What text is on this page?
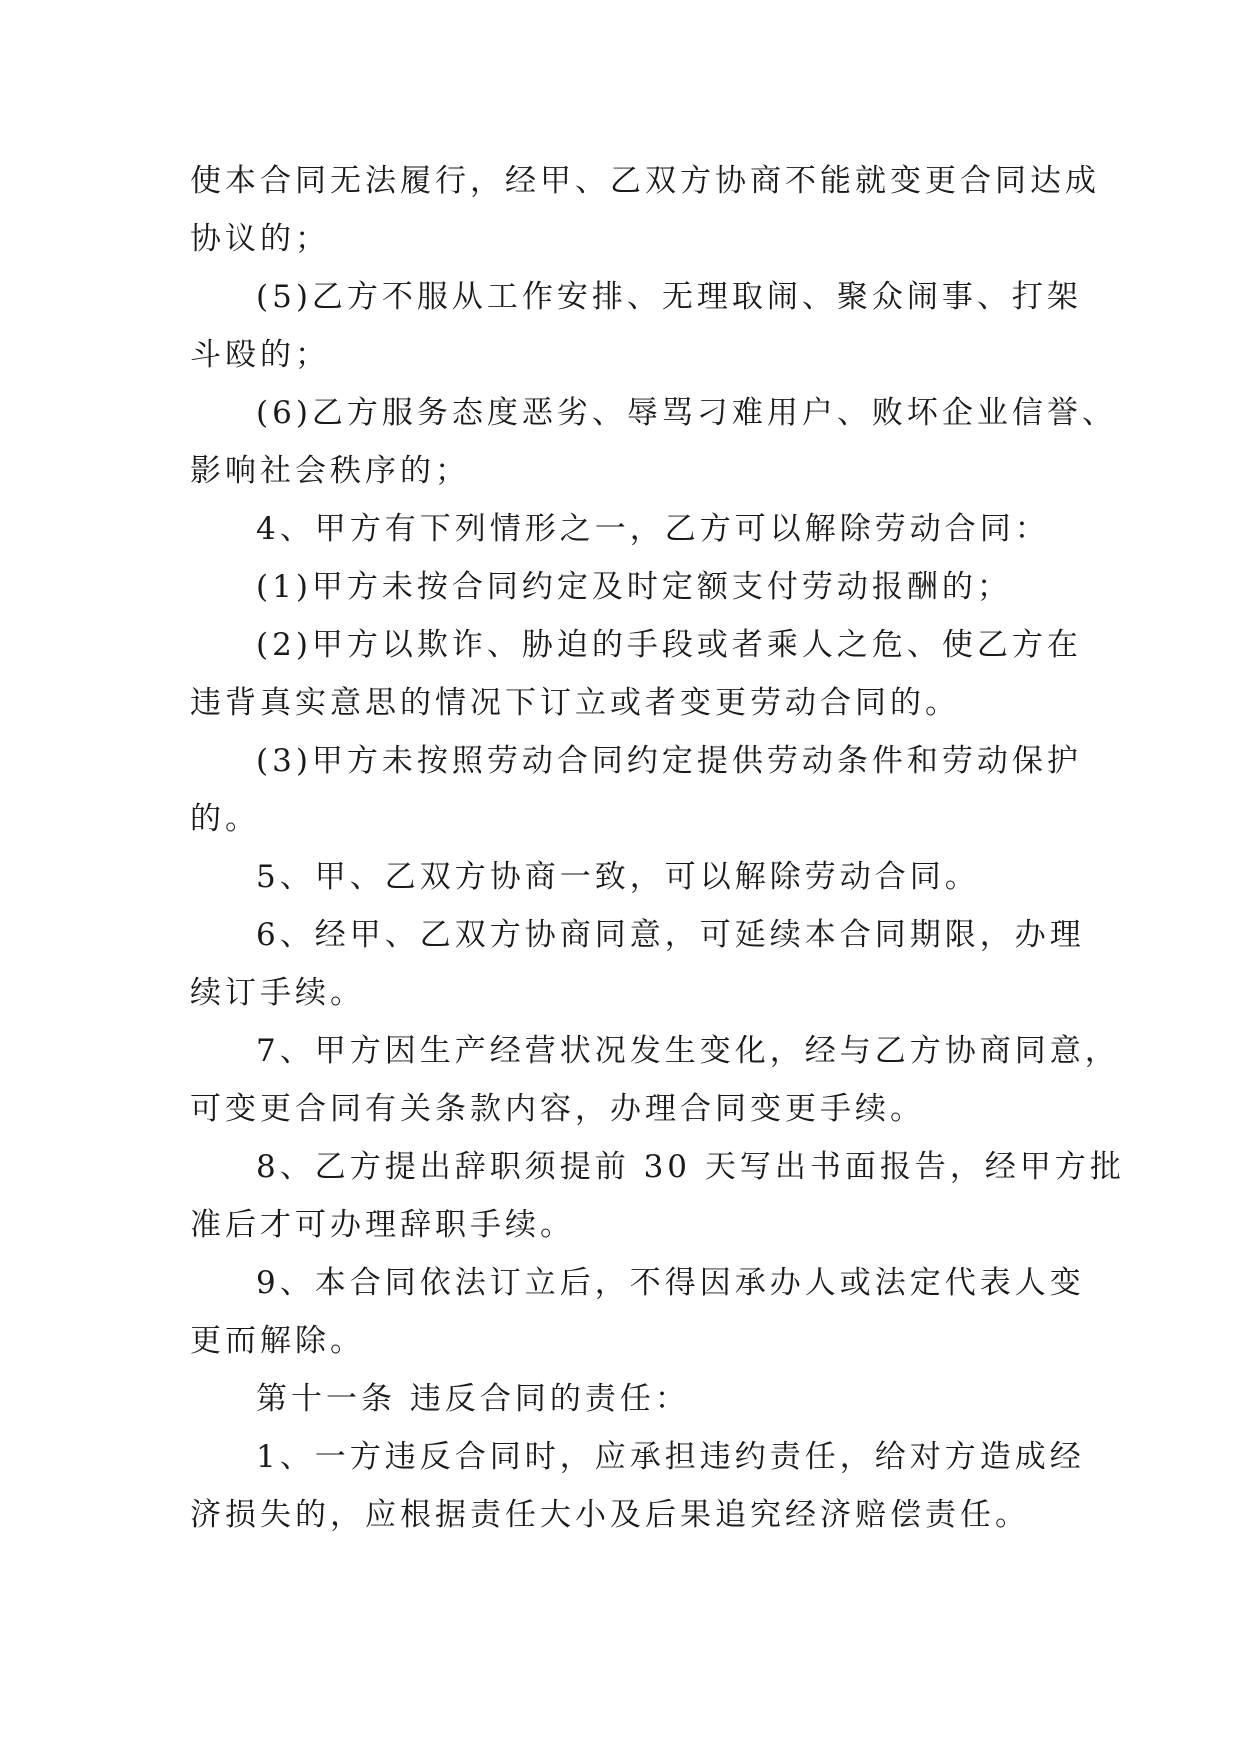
使本合同无法履行，经甲、乙双方协商不能就变更合同达成
协议的；
(5)乙方不服从工作安排、无理取闹、聚众闹事、打架
斗殴的；
(6)乙方服务态度恶劣、辱骂刁难用户、败坏企业信誉、
影响社会秩序的；
4、甲方有下列情形之一，乙方可以解除劳动合同：
(1)甲方未按合同约定及时定额支付劳动报酬的；
(2)甲方以欺诈、胁迫的手段或者乘人之危、使乙方在
违背真实意思的情况下订立或者变更劳动合同的。
(3)甲方未按照劳动合同约定提供劳动条件和劳动保护
的。
5、甲、乙双方协商一致，可以解除劳动合同。
6、经甲、乙双方协商同意，可延续本合同期限，办理
续订手续。
7、甲方因生产经营状况发生变化，经与乙方协商同意，
可变更合同有关条款内容，办理合同变更手续。
8、乙方提出辞职须提前 30 天写出书面报告，经甲方批
准后才可办理辞职手续。
9、本合同依法订立后，不得因承办人或法定代表人变
更而解除。
第十一条 违反合同的责任：
1、一方违反合同时，应承担违约责任，给对方造成经
济损失的，应根据责任大小及后果追究经济赔偿责任。
